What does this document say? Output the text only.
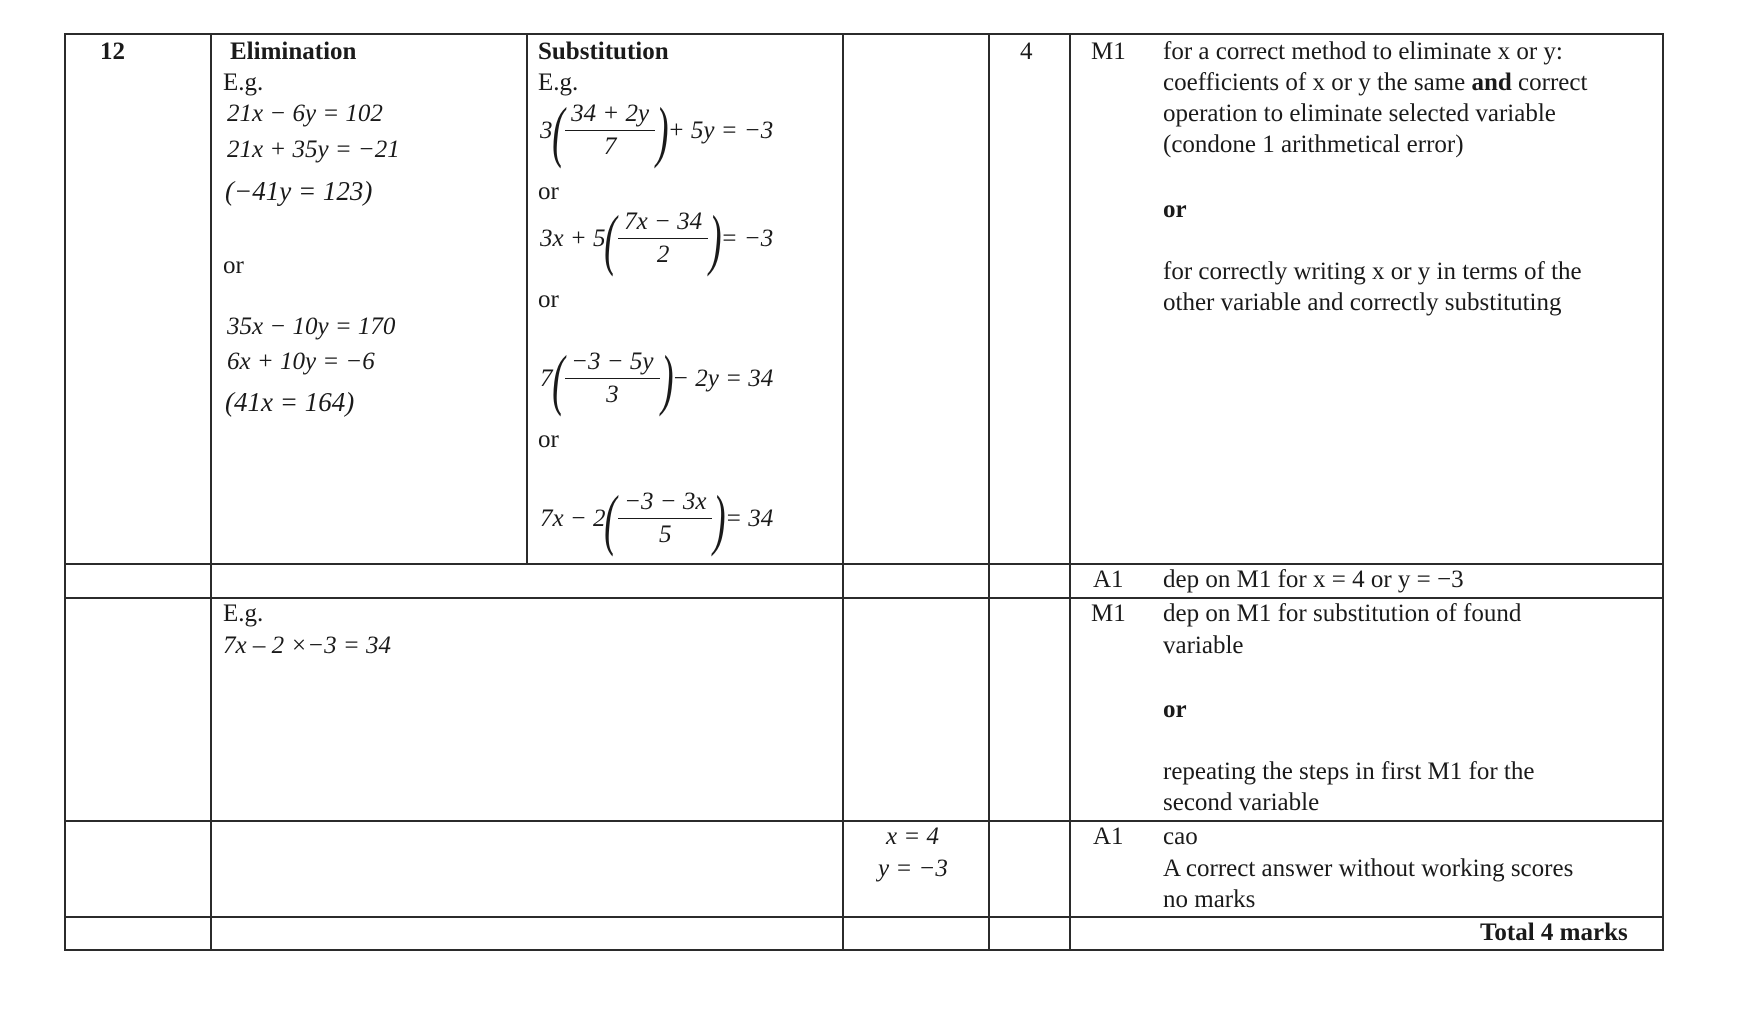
12	Elimination
E.g.
21x − 6y = 102
21x + 35y = −21
(−41y = 123)
or
35x − 10y = 170
6x + 10y = −6
(41x = 164)
Substitution
E.g.
3 ( $\frac{34 + 2y}{7}$ ) + 5y = −3
or
3x + 5 ( $\frac{7x - 34}{2}$ ) = −3
or
7 ( $\frac{-3 - 5y}{3}$ ) − 2y = 34
or
7x − 2 ( $\frac{-3 - 3x}{5}$ ) = 34
4 M1 for a correct method to eliminate x or y:
coefficients of x or y the same and correct
operation to eliminate selected variable
(condone 1 arithmetical error)
or
for correctly writing x or y in terms of the
other variable and correctly substituting
A1 dep on M1 for x = 4 or y = −3
E.g.
7x – 2 ×−3 = 34
M1 dep on M1 for substitution of found
variable
or
repeating the steps in first M1 for the
second variable
x = 4
y = −3
A1 cao
A correct answer without working scores
no marks
Total 4 marks
